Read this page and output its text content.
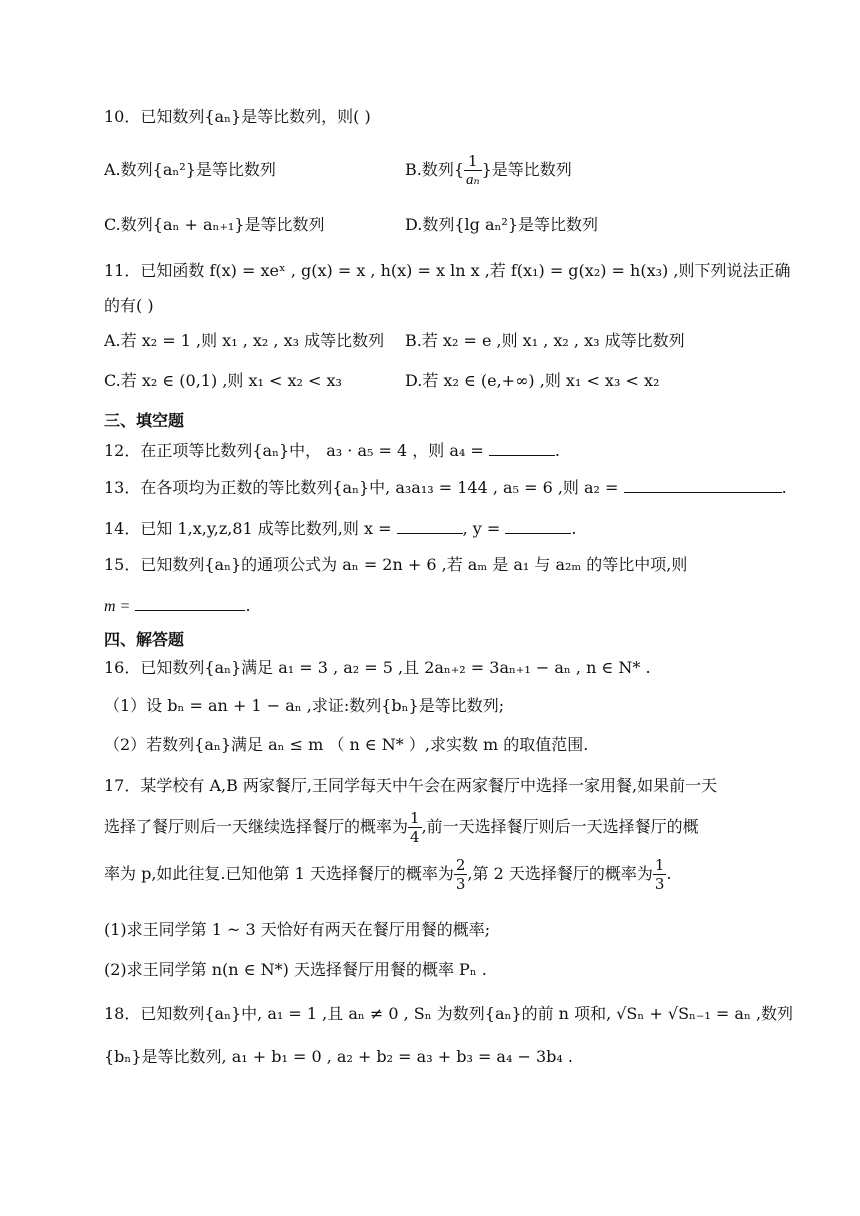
10．已知数列{aₙ}是等比数列，则( )
A.数列{aₙ²}是等比数列	B.数列{ $\frac{1}{\text{aₙ}}$ }是等比数列
C.数列{aₙ + aₙ₊₁}是等比数列	D.数列{lg aₙ²}是等比数列
11．已知函数 f(x) = xeˣ , g(x) = x , h(x) = x ln x ,若 f(x₁) = g(x₂) = h(x₃) ,则下列说法正确
的有( )
A.若 x₂ = 1 ,则 x₁ , x₂ , x₃ 成等比数列 B.若 x₂ = e ,则 x₁ , x₂ , x₃ 成等比数列
C.若 x₂ ∈ (0,1) ,则 x₁ < x₂ < x₃	D.若 x₂ ∈ (e,+∞) ,则 x₁ < x₃ < x₂
三、填空题
12．在正项等比数列{aₙ}中， a₃ · a₅ = 4 ，则 a₄ =	.
13．在各项均为正数的等比数列{aₙ}中, a₃a₁₃ = 144 , a₅ = 6 ,则 a₂ =	.
14．已知 1,x,y,z,81 成等比数列,则 x =	, y =	.
15．已知数列{aₙ}的通项公式为 aₙ = 2n + 6 ,若 aₘ 是 a₁ 与 a₂ₘ 的等比中项,则
m =	.
四、解答题
16．已知数列{aₙ}满足 a₁ = 3 , a₂ = 5 ,且 2aₙ₊₂ = 3aₙ₊₁ − aₙ , n ∈ N* .
（1）设 bₙ = an + 1 − aₙ ,求证:数列{bₙ}是等比数列;
（2）若数列{aₙ}满足 aₙ ≤ m （ n ∈ N* ）,求实数 m 的取值范围.
17．某学校有 A,B 两家餐厅,王同学每天中午会在两家餐厅中选择一家用餐,如果前一天
选择了餐厅则后一天继续选择餐厅的概率为 $\frac{1}{4}$ ,前一天选择餐厅则后一天选择餐厅的概
率为 p,如此往复.已知他第 1 天选择餐厅的概率为 $\frac{2}{3}$ ,第 2 天选择餐厅的概率为 $\frac{1}{3}$ .
(1)求王同学第 1 ~ 3 天恰好有两天在餐厅用餐的概率;
(2)求王同学第 n(n ∈ N*) 天选择餐厅用餐的概率 Pₙ .
18．已知数列{aₙ}中, a₁ = 1 ,且 aₙ ≠ 0 , Sₙ 为数列{aₙ}的前 n 项和, √Sₙ + √Sₙ₋₁ = aₙ ,数列
{bₙ}是等比数列, a₁ + b₁ = 0 , a₂ + b₂ = a₃ + b₃ = a₄ − 3b₄ .
